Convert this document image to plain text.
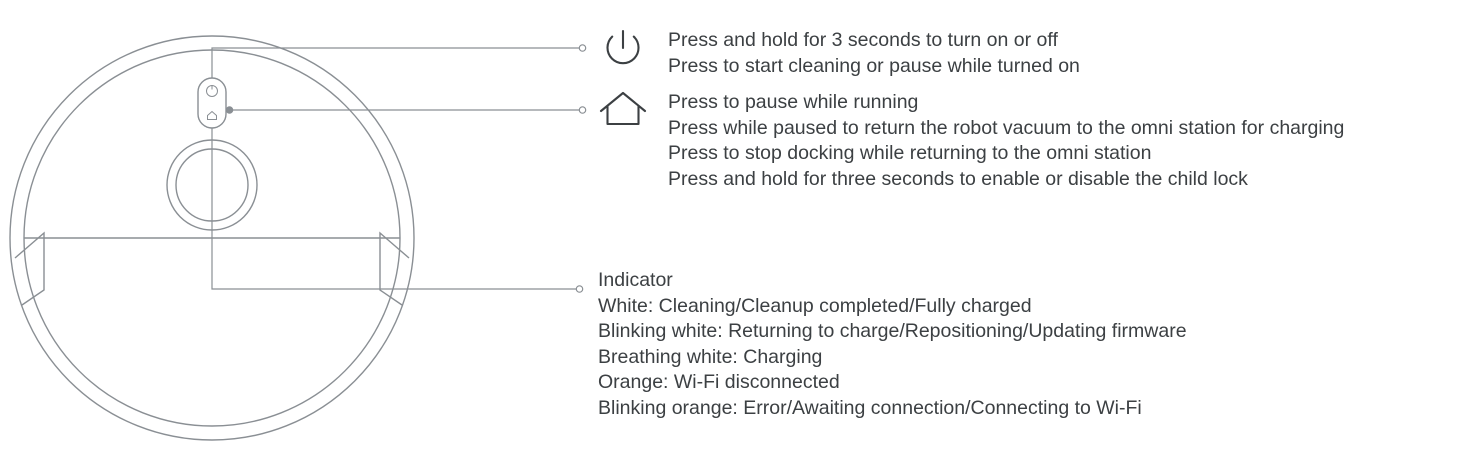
Press and hold for 3 seconds to turn on or off
Press to start cleaning or pause while turned on
Press to pause while running
Press while paused to return the robot vacuum to the omni station for charging
Press to stop docking while returning to the omni station
Press and hold for three seconds to enable or disable the child lock
Indicator
White: Cleaning/Cleanup completed/Fully charged
Blinking white: Returning to charge/Repositioning/Updating firmware
Breathing white: Charging
Orange: Wi-Fi disconnected
Blinking orange: Error/Awaiting connection/Connecting to Wi-Fi
